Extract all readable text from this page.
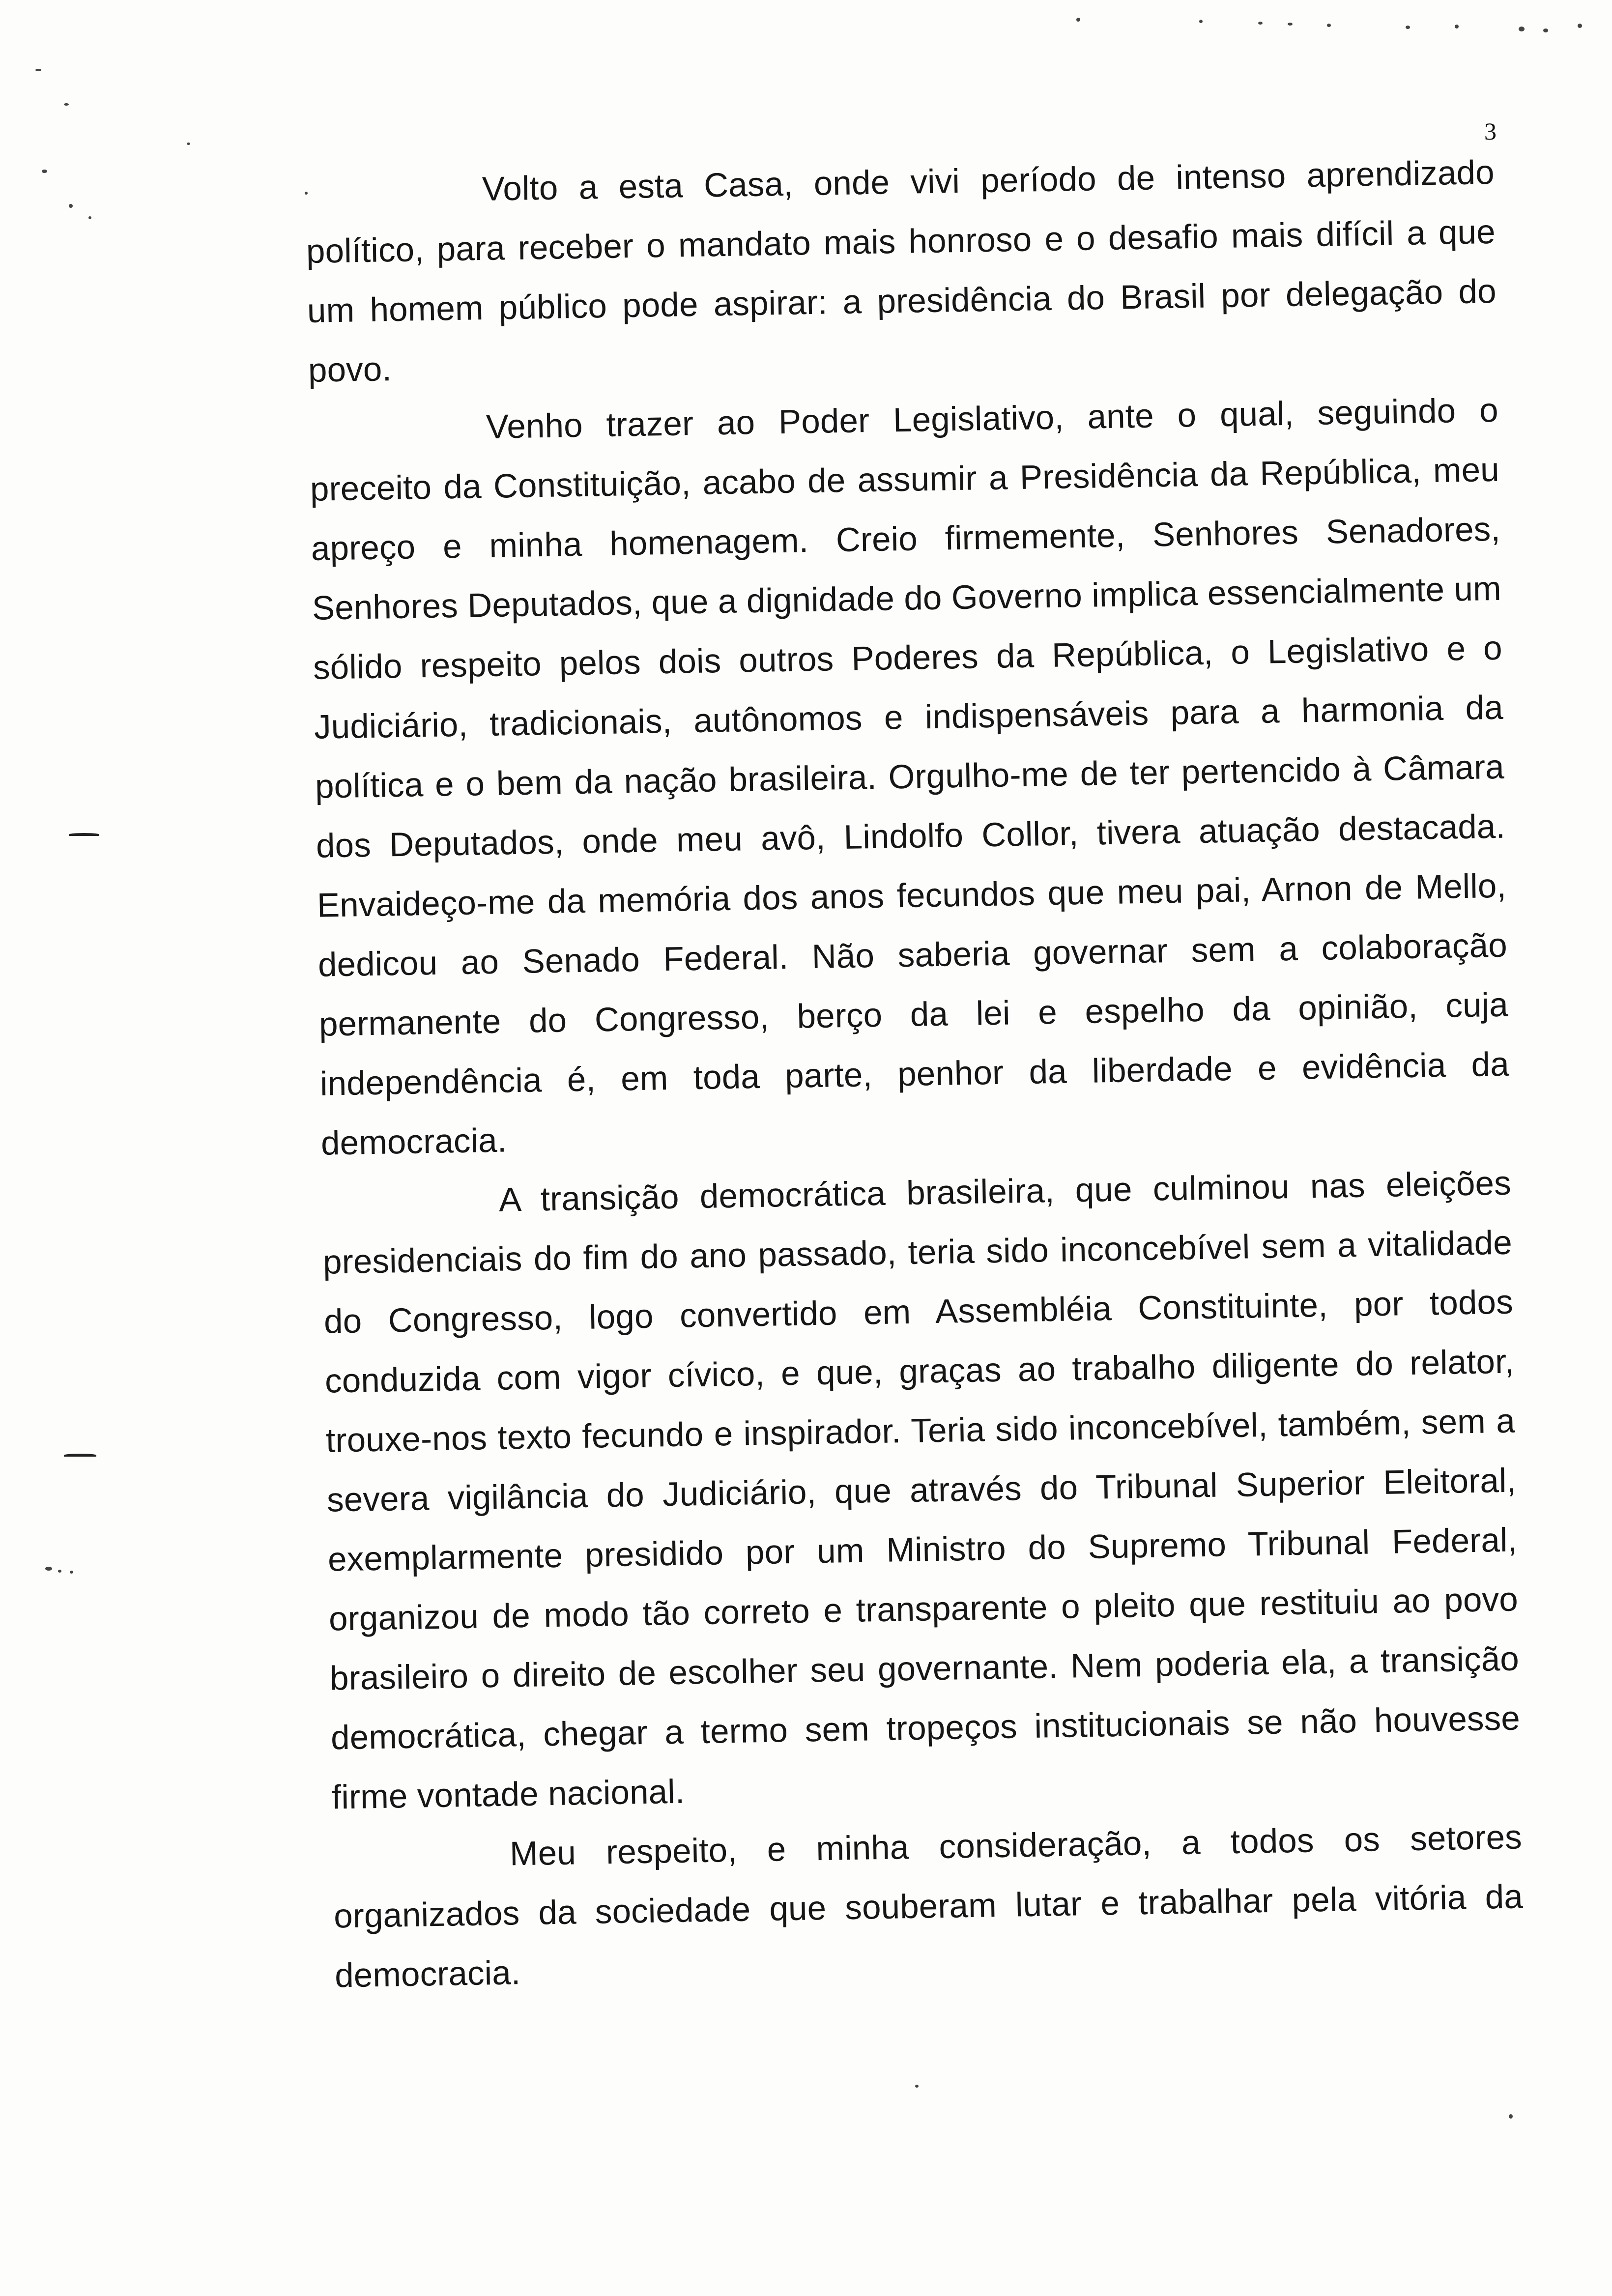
3

Volto a esta Casa, onde vivi período de intenso aprendizado político, para receber o mandato mais honroso e o desafio mais difícil a que um homem público pode aspirar: a presidência do Brasil por delegação do povo.

Venho trazer ao Poder Legislativo, ante o qual, seguindo o preceito da Constituição, acabo de assumir a Presidência da República, meu apreço e minha homenagem. Creio firmemente, Senhores Senadores, Senhores Deputados, que a dignidade do Governo implica essencialmente um sólido respeito pelos dois outros Poderes da República, o Legislativo e o Judiciário, tradicionais, autônomos e indispensáveis para a harmonia da política e o bem da nação brasileira. Orgulho-me de ter pertencido à Câmara dos Deputados, onde meu avô, Lindolfo Collor, tivera atuação destacada. Envaideço-me da memória dos anos fecundos que meu pai, Arnon de Mello, dedicou ao Senado Federal. Não saberia governar sem a colaboração permanente do Congresso, berço da lei e espelho da opinião, cuja independência é, em toda parte, penhor da liberdade e evidência da democracia.

A transição democrática brasileira, que culminou nas eleições presidenciais do fim do ano passado, teria sido inconcebível sem a vitalidade do Congresso, logo convertido em Assembléia Constituinte, por todos conduzida com vigor cívico, e que, graças ao trabalho diligente do relator, trouxe-nos texto fecundo e inspirador. Teria sido inconcebível, também, sem a severa vigilância do Judiciário, que através do Tribunal Superior Eleitoral, exemplarmente presidido por um Ministro do Supremo Tribunal Federal, organizou de modo tão correto e transparente o pleito que restituiu ao povo brasileiro o direito de escolher seu governante. Nem poderia ela, a transição democrática, chegar a termo sem tropeços institucionais se não houvesse firme vontade nacional.

Meu respeito, e minha consideração, a todos os setores organizados da sociedade que souberam lutar e trabalhar pela vitória da democracia.
